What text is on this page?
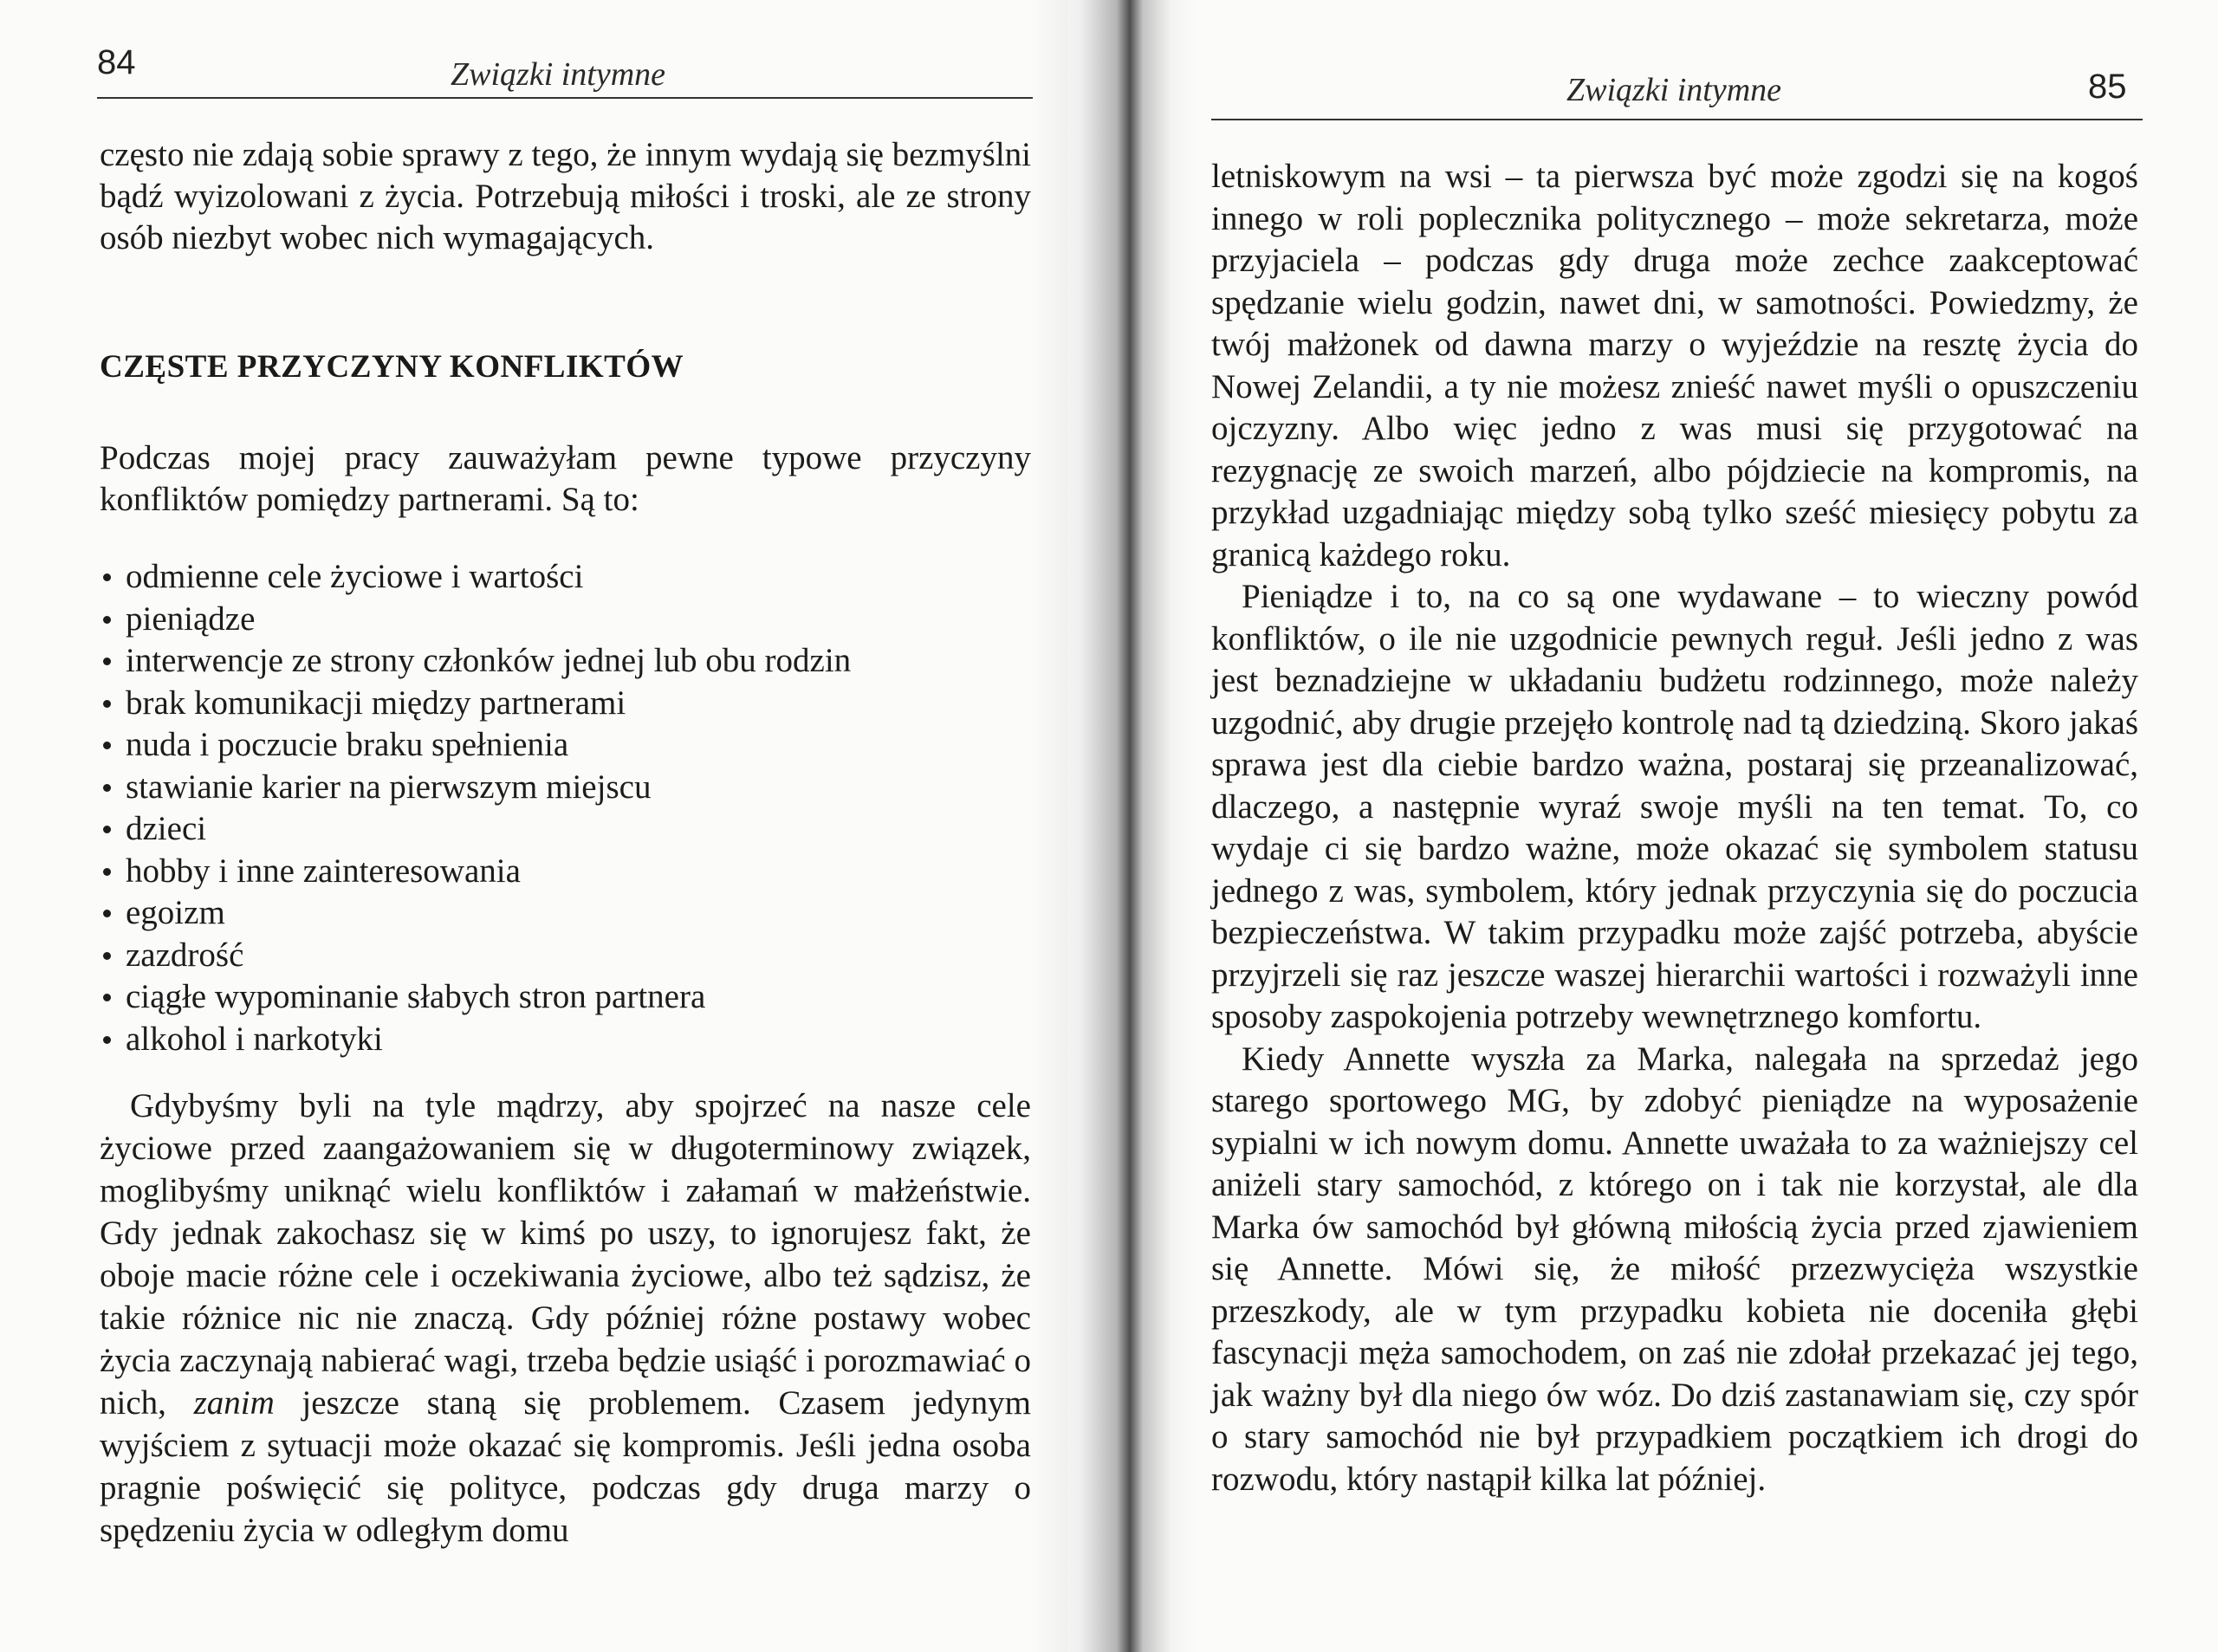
84	Związki intymne

często nie zdają sobie sprawy z tego, że innym wydają się bezmyślni bądź wyizolowani z życia. Potrzebują miłości i troski, ale ze strony osób niezbyt wobec nich wymagających.

CZĘSTE PRZYCZYNY KONFLIKTÓW

Podczas mojej pracy zauważyłam pewne typowe przyczyny konfliktów pomiędzy partnerami. Są to:

odmienne cele życiowe i wartości
pieniądze
interwencje ze strony członków jednej lub obu rodzin
brak komunikacji między partnerami
nuda i poczucie braku spełnienia
stawianie karier na pierwszym miejscu
dzieci
hobby i inne zainteresowania
egoizm
zazdrość
ciągłe wypominanie słabych stron partnera
alkohol i narkotyki

Gdybyśmy byli na tyle mądrzy, aby spojrzeć na nasze cele życiowe przed zaangażowaniem się w długoterminowy związek, moglibyśmy uniknąć wielu konfliktów i załamań w małżeństwie. Gdy jednak zakochasz się w kimś po uszy, to ignorujesz fakt, że oboje macie różne cele i oczekiwania życiowe, albo też sądzisz, że takie różnice nic nie znaczą. Gdy później różne postawy wobec życia zaczynają nabierać wagi, trzeba będzie usiąść i porozmawiać o nich, zanim jeszcze staną się problemem. Czasem jedynym wyjściem z sytuacji może okazać się kompromis. Jeśli jedna osoba pragnie poświęcić się polityce, podczas gdy druga marzy o spędzeniu życia w odległym domu

Związki intymne	85

letniskowym na wsi – ta pierwsza być może zgodzi się na kogoś innego w roli poplecznika politycznego – może sekretarza, może przyjaciela – podczas gdy druga może zechce zaakceptować spędzanie wielu godzin, nawet dni, w samotności. Powiedzmy, że twój małżonek od dawna marzy o wyjeździe na resztę życia do Nowej Zelandii, a ty nie możesz znieść nawet myśli o opuszczeniu ojczyzny. Albo więc jedno z was musi się przygotować na rezygnację ze swoich marzeń, albo pójdziecie na kompromis, na przykład uzgadniając między sobą tylko sześć miesięcy pobytu za granicą każdego roku.

Pieniądze i to, na co są one wydawane – to wieczny powód konfliktów, o ile nie uzgodnicie pewnych reguł. Jeśli jedno z was jest beznadziejne w układaniu budżetu rodzinnego, może należy uzgodnić, aby drugie przejęło kontrolę nad tą dziedziną. Skoro jakaś sprawa jest dla ciebie bardzo ważna, postaraj się przeanalizować, dlaczego, a następnie wyraź swoje myśli na ten temat. To, co wydaje ci się bardzo ważne, może okazać się symbolem statusu jednego z was, symbolem, który jednak przyczynia się do poczucia bezpieczeństwa. W takim przypadku może zajść potrzeba, abyście przyjrzeli się raz jeszcze waszej hierarchii wartości i rozważyli inne sposoby zaspokojenia potrzeby wewnętrznego komfortu.

Kiedy Annette wyszła za Marka, nalegała na sprzedaż jego starego sportowego MG, by zdobyć pieniądze na wyposażenie sypialni w ich nowym domu. Annette uważała to za ważniejszy cel aniżeli stary samochód, z którego on i tak nie korzystał, ale dla Marka ów samochód był główną miłością życia przed zjawieniem się Annette. Mówi się, że miłość przezwycięża wszystkie przeszkody, ale w tym przypadku kobieta nie doceniła głębi fascynacji męża samochodem, on zaś nie zdołał przekazać jej tego, jak ważny był dla niego ów wóz. Do dziś zastanawiam się, czy spór o stary samochód nie był przypadkiem początkiem ich drogi do rozwodu, który nastąpił kilka lat później.
